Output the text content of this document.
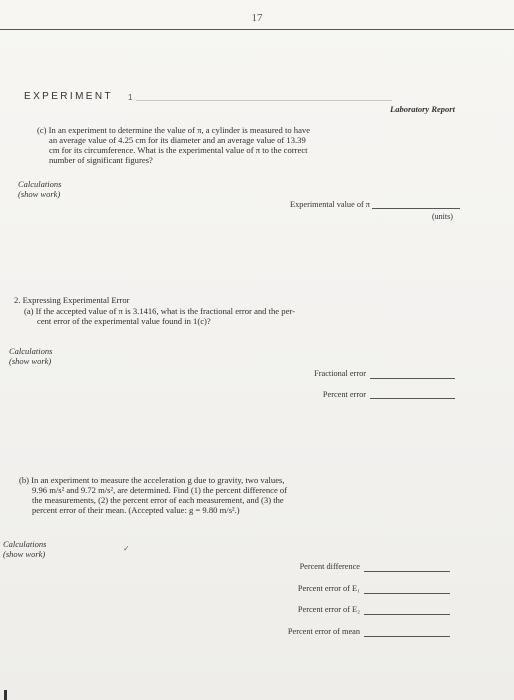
17
EXPERIMENT 1
Laboratory Report
(c) In an experiment to determine the value of π, a cylinder is measured to have
an average value of 4.25 cm for its diameter and an average value of 13.39
cm for its circumference. What is the experimental value of π to the correct
number of significant figures?
Calculations
(show work)
Experimental value of π
(units)
2. Expressing Experimental Error
(a) If the accepted value of π is 3.1416, what is the fractional error and the per-
cent error of the experimental value found in 1(c)?
Calculations
(show work)
Fractional error
Percent error
(b) In an experiment to measure the acceleration g due to gravity, two values,
9.96 m/s² and 9.72 m/s², are determined. Find (1) the percent difference of
the measurements, (2) the percent error of each measurement, and (3) the
percent error of their mean. (Accepted value: g = 9.80 m/s².)
Calculations
(show work)
✓
Percent difference
Percent error of E₁
Percent error of E₂
Percent error of mean
